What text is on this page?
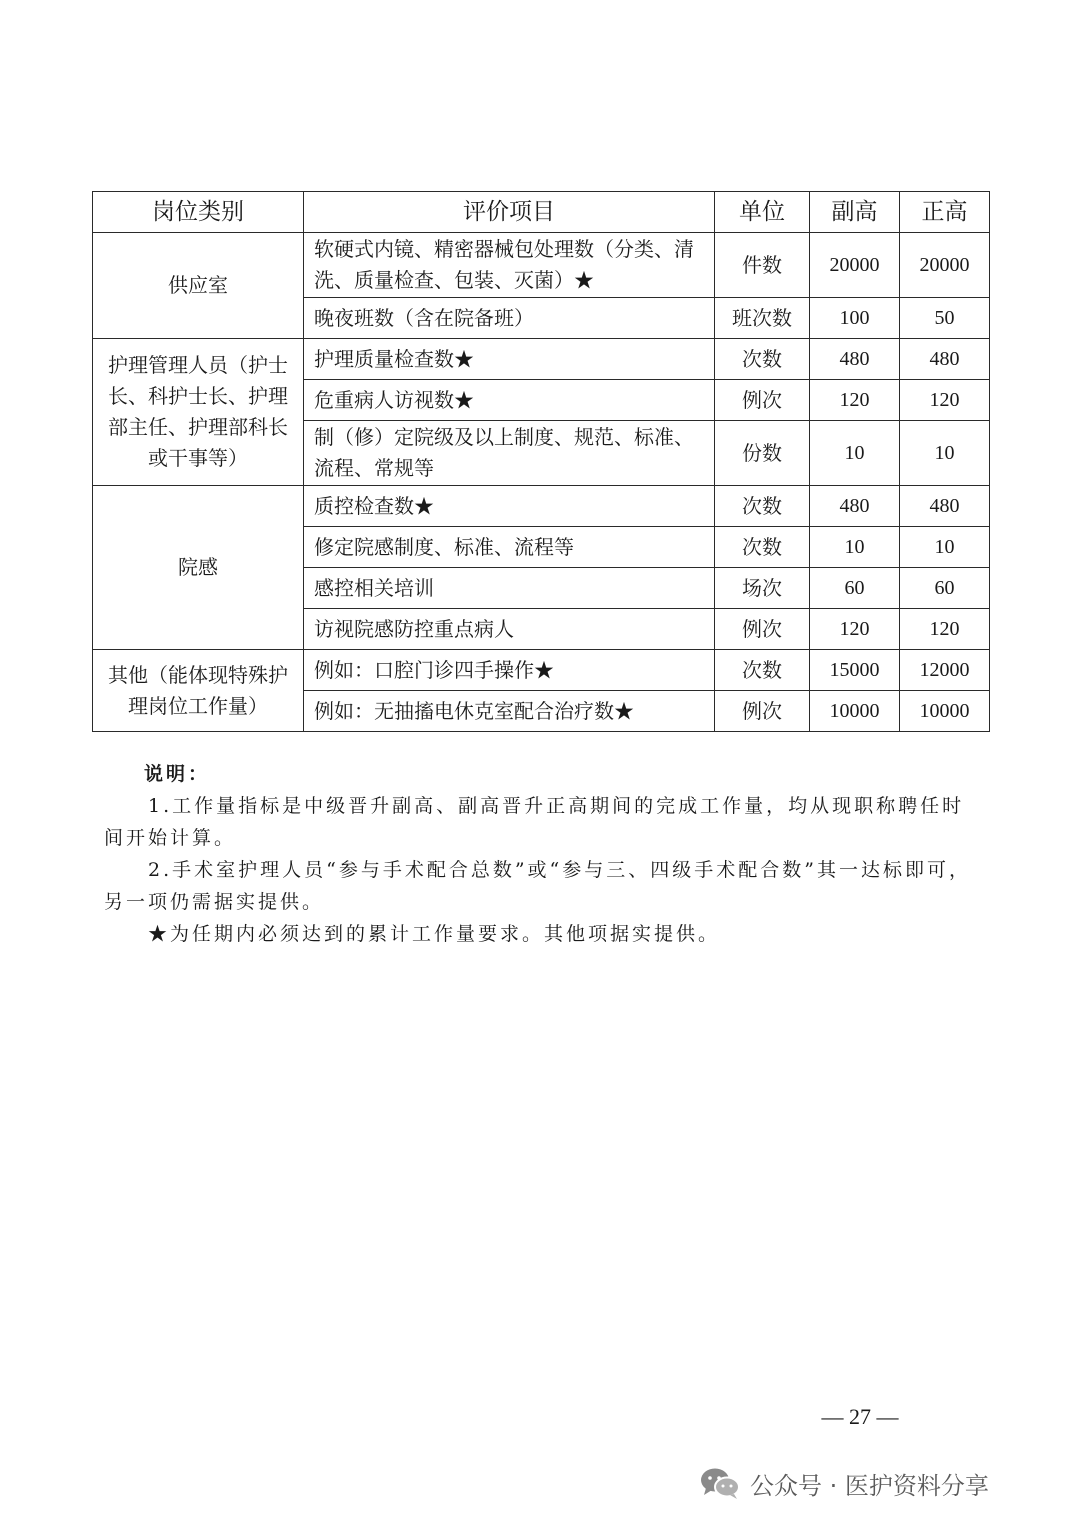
岗位类别	评价项目	单位	副高	正高
供应室	软硬式内镜、精密器械包处理数（分类、清洗、质量检查、包装、灭菌）★	件数	20000	20000
	晚夜班数（含在院备班）	班次数	100	50
护理管理人员（护士长、科护士长、护理部主任、护理部科长或干事等）	护理质量检查数★	次数	480	480
	危重病人访视数★	例次	120	120
	制（修）定院级及以上制度、规范、标准、流程、常规等	份数	10	10
院感	质控检查数★	次数	480	480
	修定院感制度、标准、流程等	次数	10	10
	感控相关培训	场次	60	60
	访视院感防控重点病人	例次	120	120
其他（能体现特殊护理岗位工作量）	例如：口腔门诊四手操作★	次数	15000	12000
	例如：无抽搐电休克室配合治疗数★	例次	10000	10000

说明：

1.工作量指标是中级晋升副高、副高晋升正高期间的完成工作量，均从现职称聘任时间开始计算。

2.手术室护理人员“参与手术配合总数”或“参与三、四级手术配合数”其一达标即可，另一项仍需据实提供。

★为任期内必须达到的累计工作量要求。其他项据实提供。

— 27 —
公众号 · 医护资料分享
